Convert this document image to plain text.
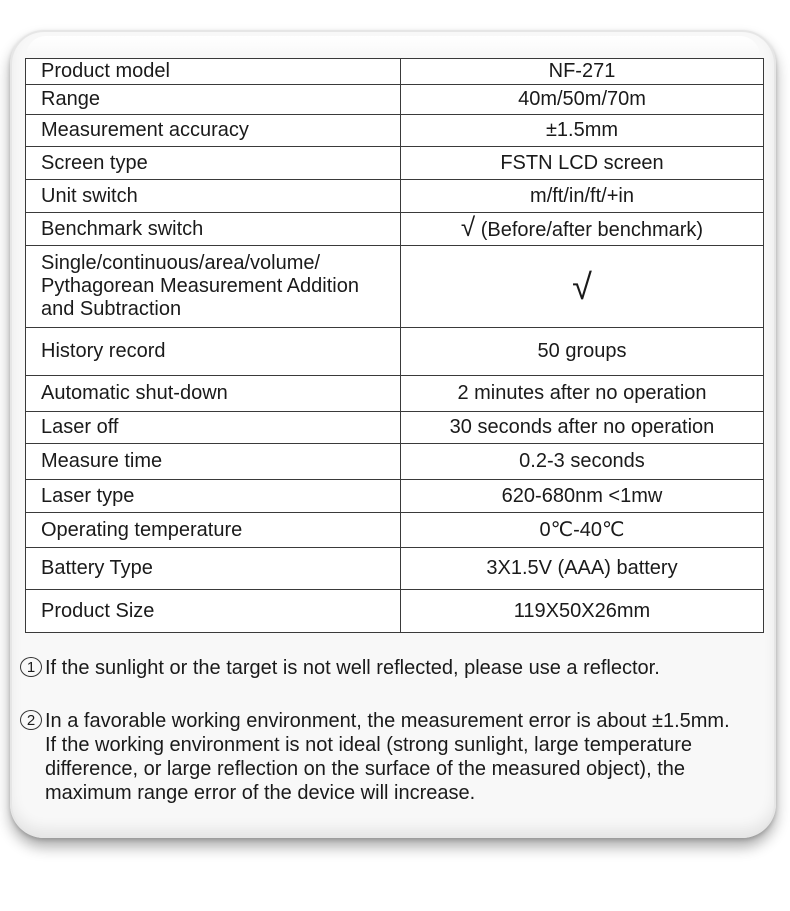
Product model	NF-271
Range	40m/50m/70m
Measurement accuracy	±1.5mm
Screen type	FSTN LCD screen
Unit switch	m/ft/in/ft/+in
Benchmark switch	√ (Before/after benchmark)

Single/continuous/area/volume/
Pythagorean Measurement Addition
and Subtraction	√
History record	50 groups
Automatic shut-down	2 minutes after no operation
Laser off	30 seconds after no operation
Measure time	0.2-3 seconds
Laser type	620-680nm <1mw
Operating temperature	0℃-40℃
Battery Type	3X1.5V (AAA) battery
Product Size	119X50X26mm
1 If the sunlight or the target is not well reflected, please use a reflector.
2 In a favorable working environment, the measurement error is about ±1.5mm.
If the working environment is not ideal (strong sunlight, large temperature
difference, or large reflection on the surface of the measured object), the
maximum range error of the device will increase.
